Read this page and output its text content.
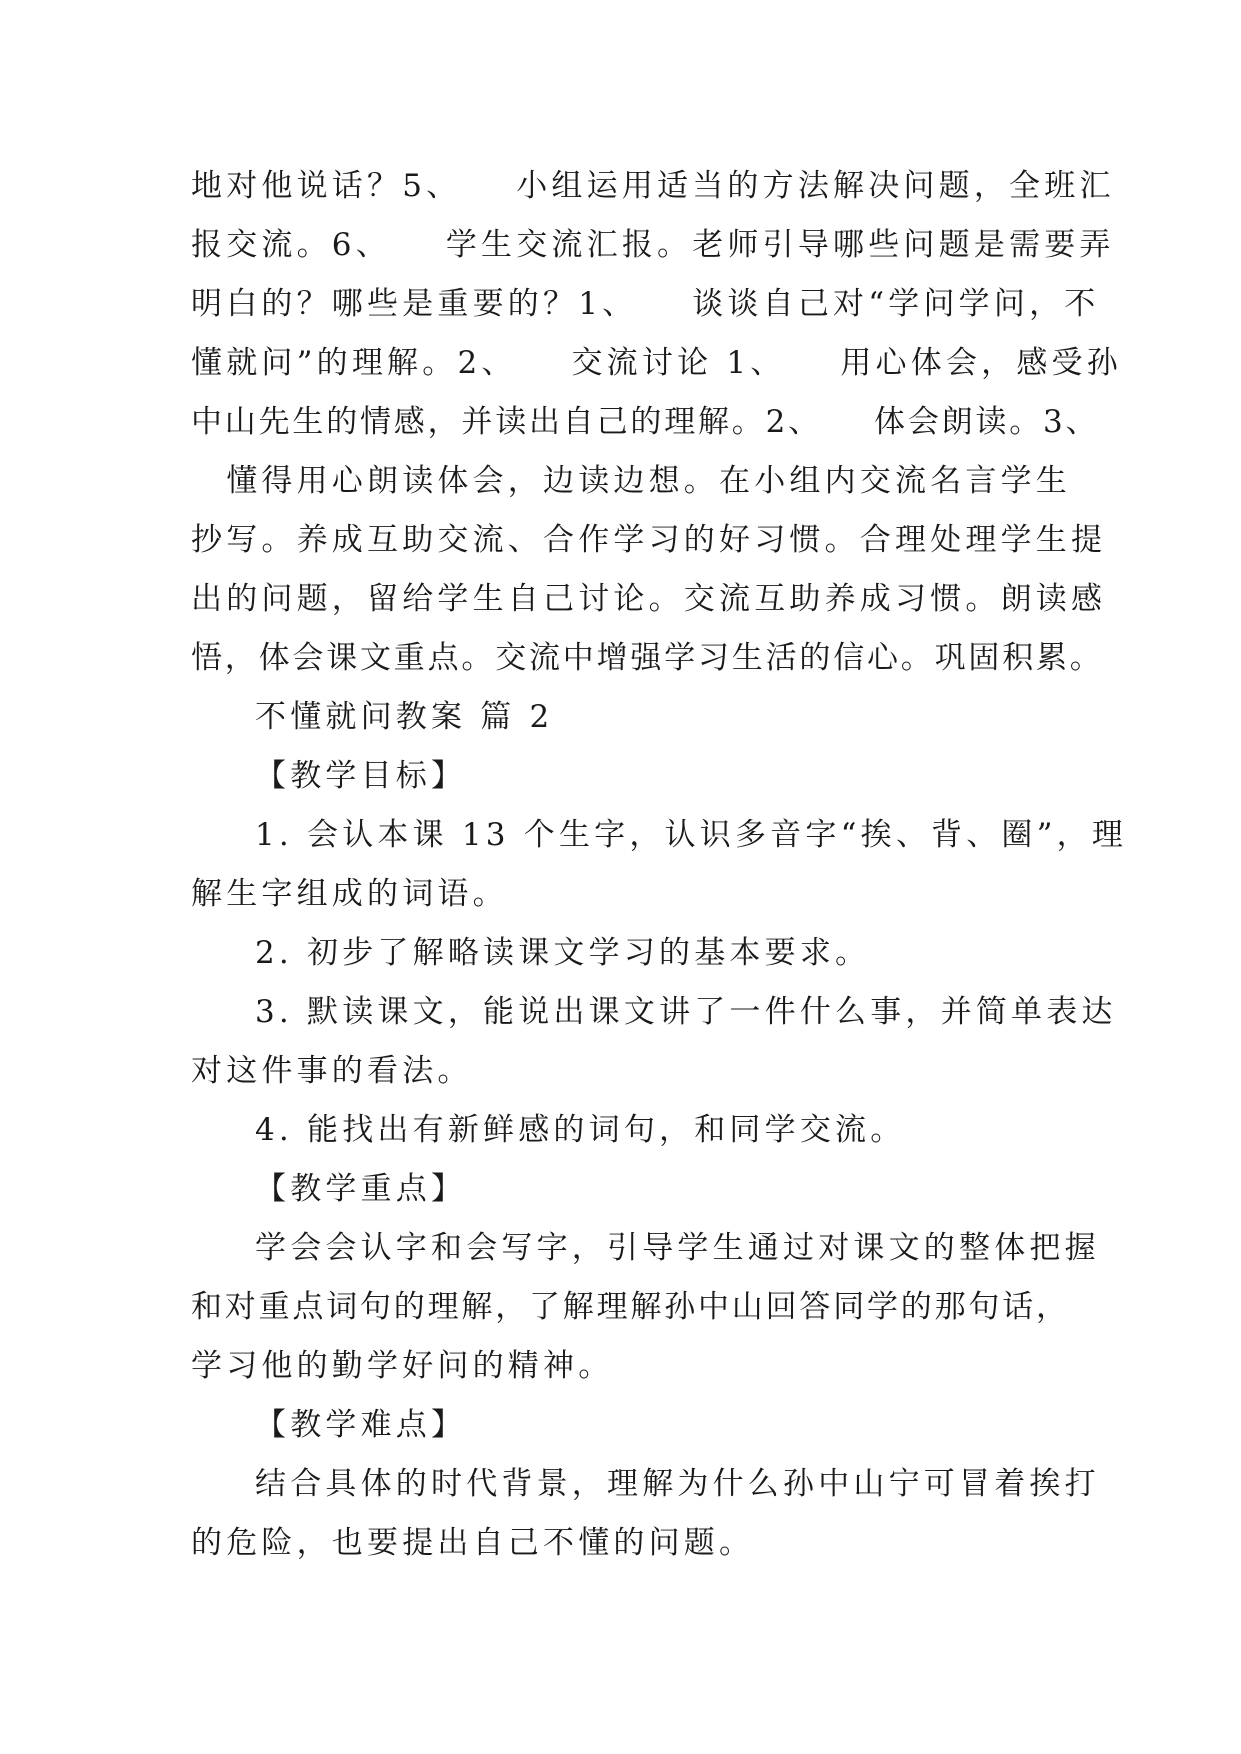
地对他说话？5、　　小组运用适当的方法解决问题，全班汇
报交流。6、　　学生交流汇报。老师引导哪些问题是需要弄
明白的？哪些是重要的？1、　　谈谈自己对“学问学问，不
懂就问”的理解。2、　　交流讨论 1、　　用心体会，感受孙
中山先生的情感，并读出自己的理解。2、　　体会朗读。3、
　懂得用心朗读体会，边读边想。在小组内交流名言学生
抄写。养成互助交流、合作学习的好习惯。合理处理学生提
出的问题，留给学生自己讨论。交流互助养成习惯。朗读感
悟，体会课文重点。交流中增强学习生活的信心。巩固积累。
不懂就问教案 篇 2
【教学目标】
1. 会认本课 13 个生字，认识多音字“挨、背、圈”，理
解生字组成的词语。
2. 初步了解略读课文学习的基本要求。
3. 默读课文，能说出课文讲了一件什么事，并简单表达
对这件事的看法。
4. 能找出有新鲜感的词句，和同学交流。
【教学重点】
学会会认字和会写字，引导学生通过对课文的整体把握
和对重点词句的理解，了解理解孙中山回答同学的那句话，
学习他的勤学好问的精神。
【教学难点】
结合具体的时代背景，理解为什么孙中山宁可冒着挨打
的危险，也要提出自己不懂的问题。
